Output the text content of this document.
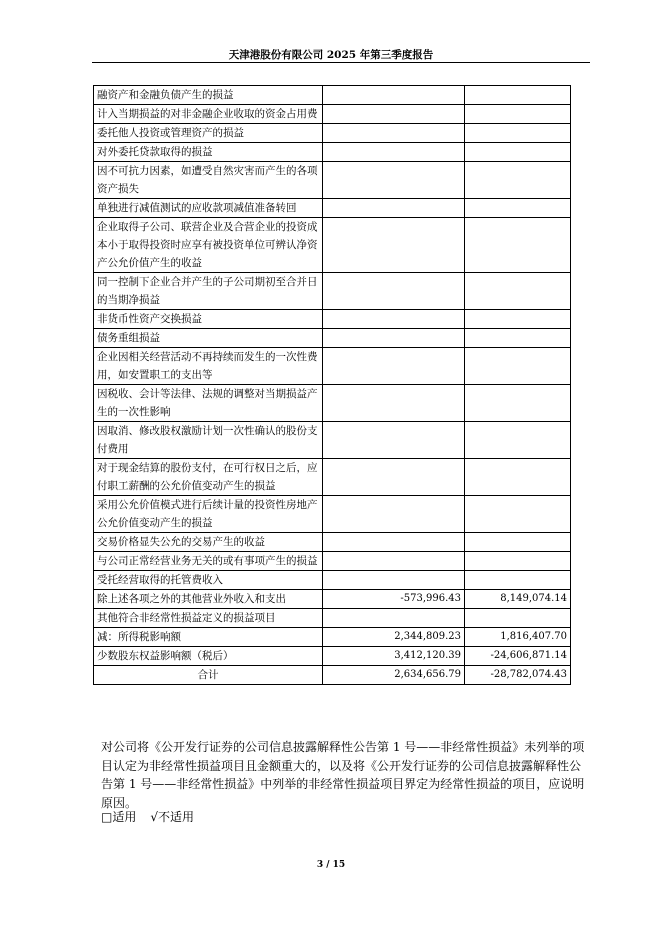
天津港股份有限公司 2025 年第三季度报告
融资产和金融负债产生的损益		
计入当期损益的对非金融企业收取的资金占用费		
委托他人投资或管理资产的损益		
对外委托贷款取得的损益		
因不可抗力因素，如遭受自然灾害而产生的各项资产损失		
单独进行减值测试的应收款项减值准备转回		
企业取得子公司、联营企业及合营企业的投资成本小于取得投资时应享有被投资单位可辨认净资产公允价值产生的收益		
同一控制下企业合并产生的子公司期初至合并日的当期净损益		
非货币性资产交换损益		
债务重组损益		
企业因相关经营活动不再持续而发生的一次性费用，如安置职工的支出等		
因税收、会计等法律、法规的调整对当期损益产生的一次性影响		
因取消、修改股权激励计划一次性确认的股份支付费用		
对于现金结算的股份支付，在可行权日之后，应付职工薪酬的公允价值变动产生的损益		
采用公允价值模式进行后续计量的投资性房地产公允价值变动产生的损益		
交易价格显失公允的交易产生的收益		
与公司正常经营业务无关的或有事项产生的损益		
受托经营取得的托管费收入		
除上述各项之外的其他营业外收入和支出	-573,996.43	8,149,074.14
其他符合非经常性损益定义的损益项目		
减：所得税影响额	2,344,809.23	1,816,407.70
少数股东权益影响额（税后）	3,412,120.39	-24,606,871.14
合计	2,634,656.79	-28,782,074.43
对公司将《公开发行证券的公司信息披露解释性公告第 1 号——非经常性损益》未列举的项目认定为非经常性损益项目且金额重大的，以及将《公开发行证券的公司信息披露解释性公告第 1 号——非经常性损益》中列举的非经常性损益项目界定为经常性损益的项目，应说明原因。
□适用 √不适用
3 / 15
